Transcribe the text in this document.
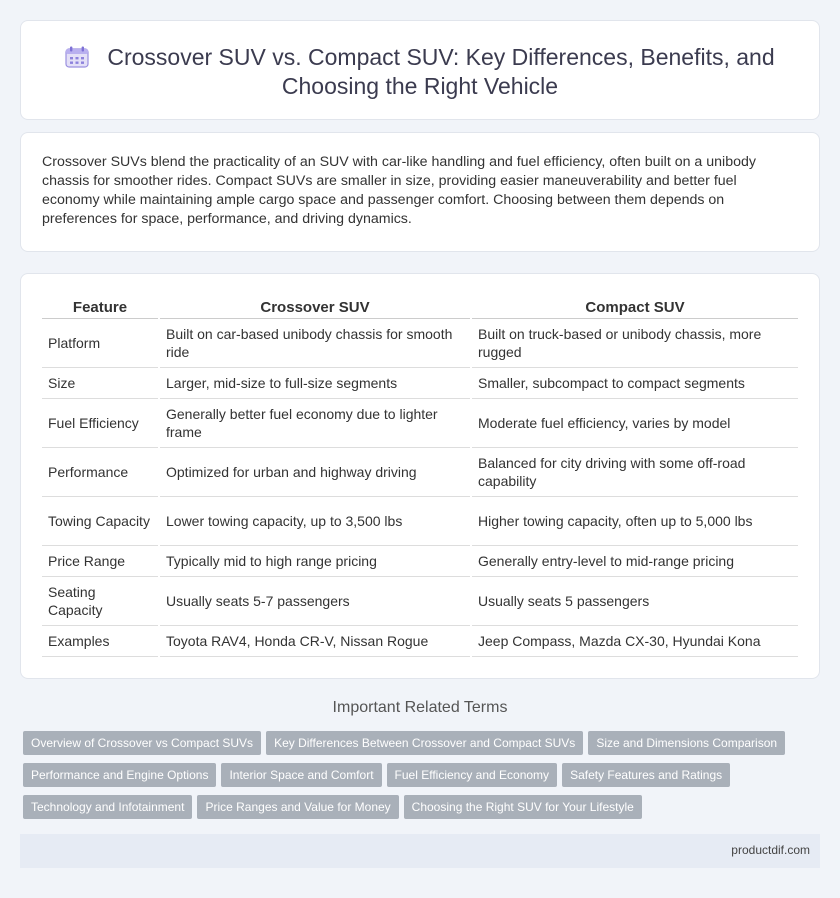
Crossover SUV vs. Compact SUV: Key Differences, Benefits, and
Choosing the Right Vehicle
Crossover SUVs blend the practicality of an SUV with car-like handling and fuel efficiency, often built on a unibody chassis for smoother rides. Compact SUVs are smaller in size, providing easier maneuverability and better fuel economy while maintaining ample cargo space and passenger comfort. Choosing between them depends on preferences for space, performance, and driving dynamics.
Feature	Crossover SUV	Compact SUV
Platform	Built on car-based unibody chassis for smooth ride	Built on truck-based or unibody chassis, more rugged
Size	Larger, mid-size to full-size segments	Smaller, subcompact to compact segments
Fuel Efficiency	Generally better fuel economy due to lighter frame	Moderate fuel efficiency, varies by model
Performance	Optimized for urban and highway driving	Balanced for city driving with some off-road capability
Towing Capacity	Lower towing capacity, up to 3,500 lbs	Higher towing capacity, often up to 5,000 lbs
Price Range	Typically mid to high range pricing	Generally entry-level to mid-range pricing
Seating Capacity	Usually seats 5-7 passengers	Usually seats 5 passengers
Examples	Toyota RAV4, Honda CR-V, Nissan Rogue	Jeep Compass, Mazda CX-30, Hyundai Kona
Important Related Terms
Overview of Crossover vs Compact SUVs Key Differences Between Crossover and Compact SUVs Size and Dimensions Comparison
Performance and Engine Options Interior Space and Comfort Fuel Efficiency and Economy Safety Features and Ratings
Technology and Infotainment Price Ranges and Value for Money Choosing the Right SUV for Your Lifestyle
productdif.com
